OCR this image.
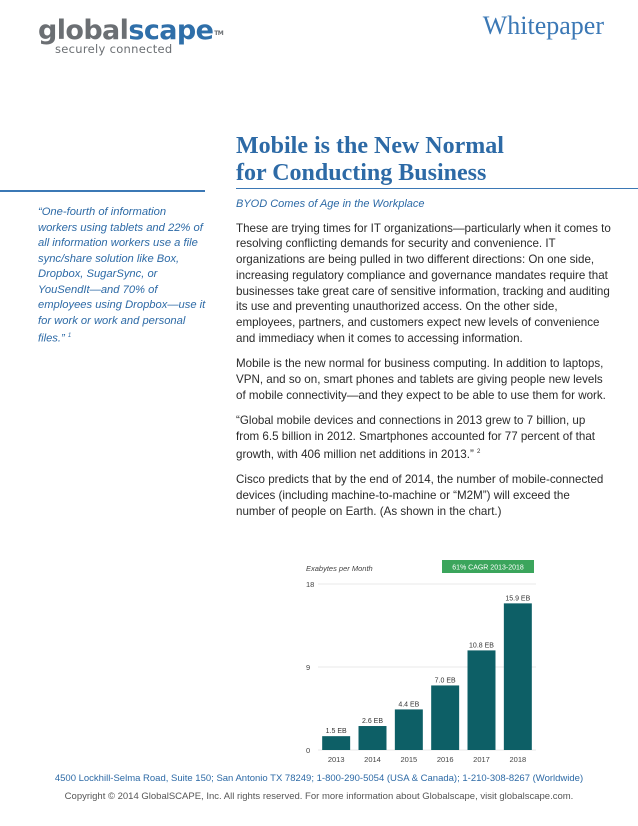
globalscape™
securely connected
Whitepaper
Mobile is the New Normal
for Conducting Business
“One-fourth of information workers using tablets and 22% of all information workers use a file sync/share solution like Box, Dropbox, SugarSync, or YouSendIt—and 70% of employees using Dropbox—use it for work or work and personal files.” $^1$
BYOD Comes of Age in the Workplace

These are trying times for IT organizations—particularly when it comes to resolving conflicting demands for security and convenience. IT organizations are being pulled in two different directions: On one side, increasing regulatory compliance and governance mandates require that businesses take great care of sensitive information, tracking and auditing its use and preventing unauthorized access. On the other side, employees, partners, and customers expect new levels of convenience and immediacy when it comes to accessing information.

Mobile is the new normal for business computing. In addition to laptops, VPN, and so on, smart phones and tablets are giving people new levels of mobile connectivity—and they expect to be able to use them for work.

“Global mobile devices and connections in 2013 grew to 7 billion, up from 6.5 billion in 2012. Smartphones accounted for 77 percent of that growth, with 406 million net additions in 2013.” $^2$

Cisco predicts that by the end of 2014, the number of mobile-connected devices (including machine-to-machine or “M2M”) will exceed the number of people on Earth. (As shown in the chart.)

Exabytes per Month	61% CAGR 2013-2018
0
9
18
1.5 EB
2013
2.6 EB
2014
4.4 EB
2015
7.0 EB
2016
10.8 EB
2017
15.9 EB
2018
4500 Lockhill-Selma Road, Suite 150; San Antonio TX 78249; 1-800-290-5054 (USA & Canada); 1-210-308-8267 (Worldwide)
Copyright © 2014 GlobalSCAPE, Inc. All rights reserved. For more information about Globalscape, visit globalscape.com.
